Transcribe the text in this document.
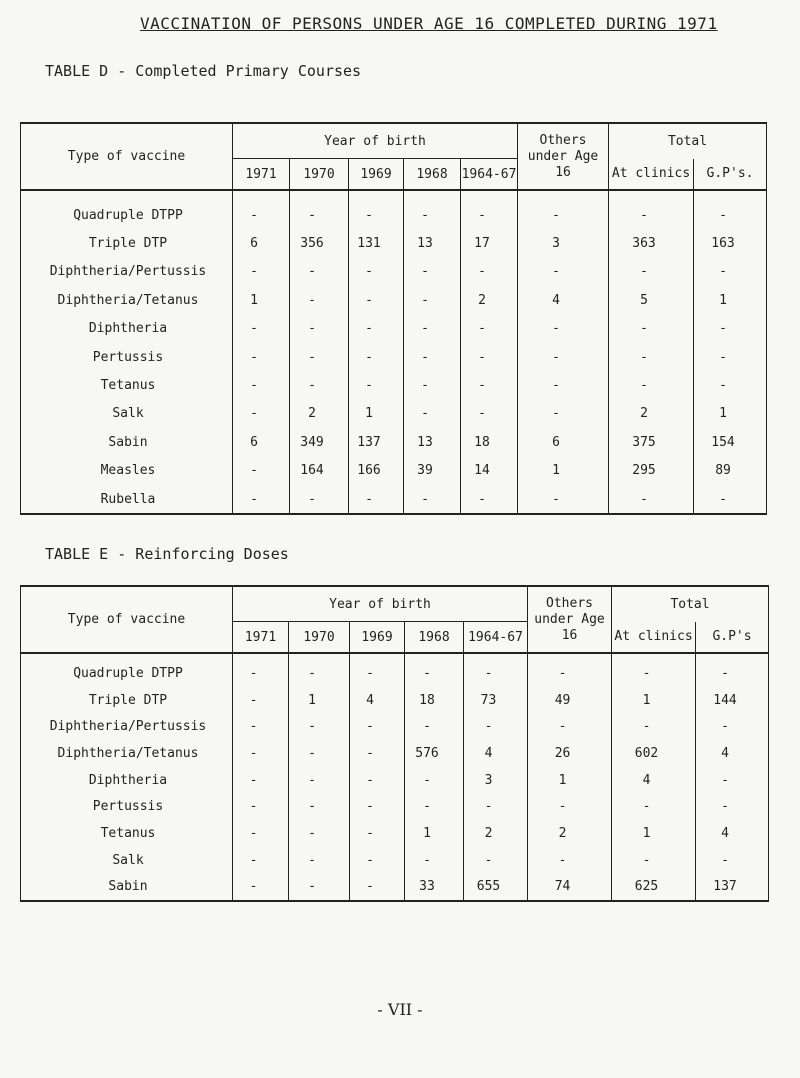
VACCINATION OF PERSONS UNDER AGE 16 COMPLETED DURING 1971
TABLE D - Completed Primary Courses
Type of vaccine	Year of birth					Others under Age 16	Total	
	1971	1970	1969	1968	1964-67		At clinics	G.P's.
Quadruple DTPP	-	-	-	-	-	-	-	-
Triple DTP	6	356	131	13	17	3	363	163
Diphtheria/Pertussis	-	-	-	-	-	-	-	-
Diphtheria/Tetanus	1	-	-	-	2	4	5	1
Diphtheria	-	-	-	-	-	-	-	-
Pertussis	-	-	-	-	-	-	-	-
Tetanus	-	-	-	-	-	-	-	-
Salk	-	2	1	-	-	-	2	1
Sabin	6	349	137	13	18	6	375	154
Measles	-	164	166	39	14	1	295	89
Rubella	-	-	-	-	-	-	-	-
TABLE E - Reinforcing Doses
Type of vaccine	Year of birth					Others under Age 16	Total	
	1971	1970	1969	1968	1964-67		At clinics	G.P's
Quadruple DTPP	-	-	-	-	-	-	-	-
Triple DTP	-	1	4	18	73	49	1	144
Diphtheria/Pertussis	-	-	-	-	-	-	-	-
Diphtheria/Tetanus	-	-	-	576	4	26	602	4
Diphtheria	-	-	-	-	3	1	4	-
Pertussis	-	-	-	-	-	-	-	-
Tetanus	-	-	-	1	2	2	1	4
Salk	-	-	-	-	-	-	-	-
Sabin	-	-	-	33	655	74	625	137
- VII -
